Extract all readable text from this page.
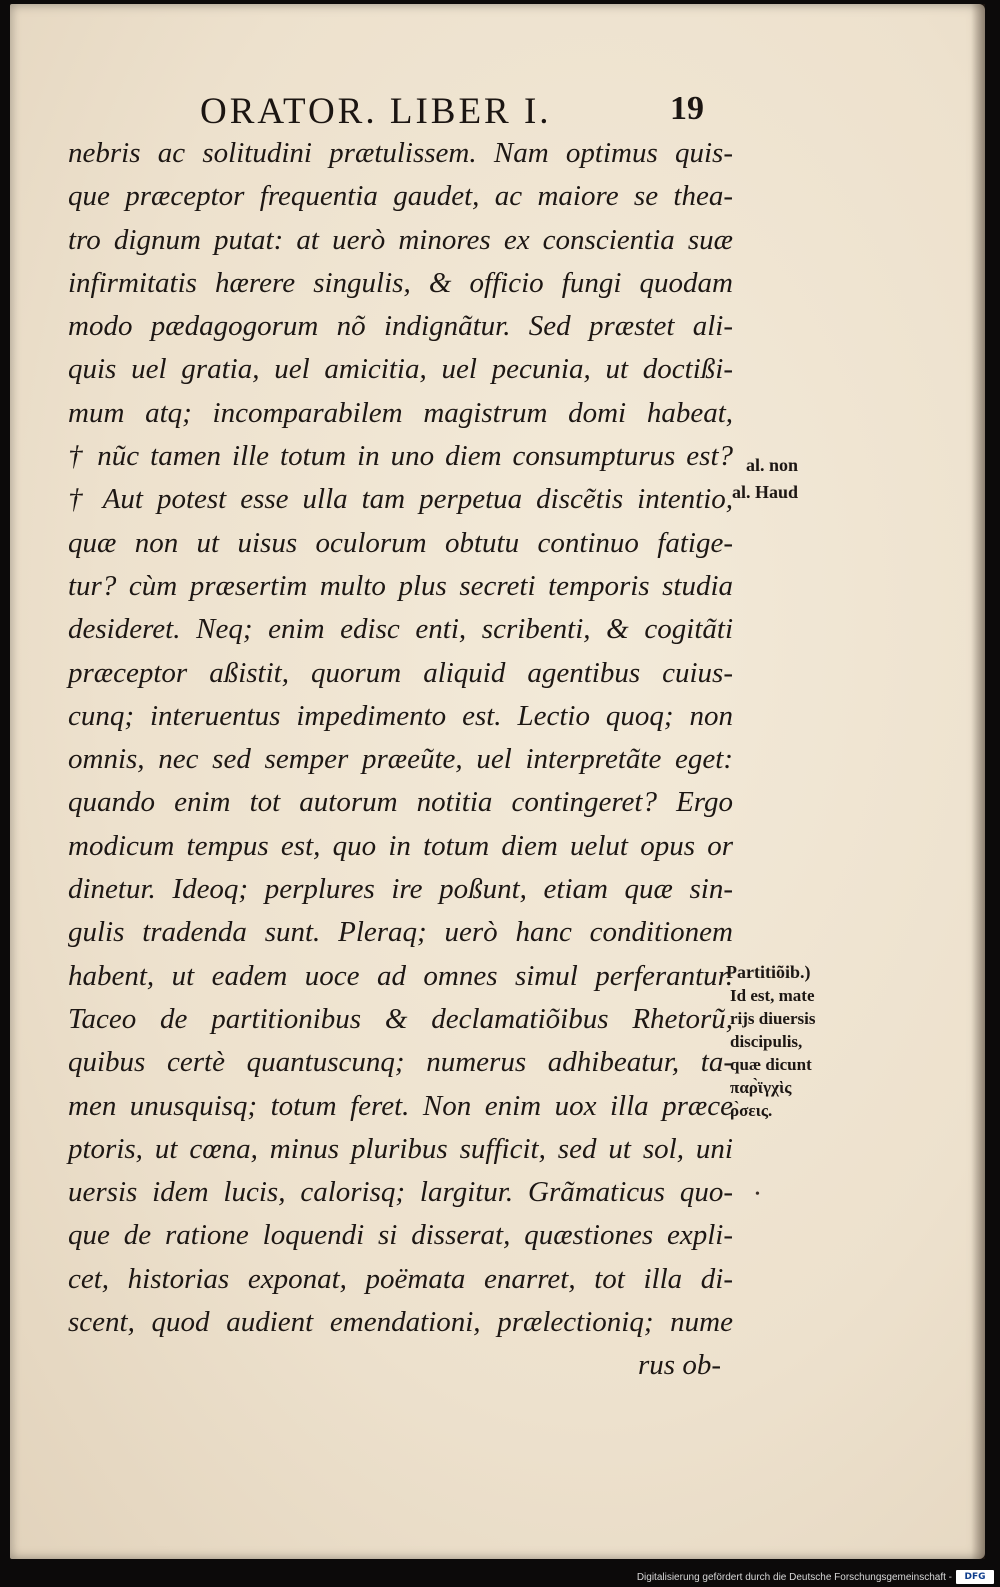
ORATOR. LIBER I.	19
nebris ac solitudini prætulissem. Nam optimus quis-
que præceptor frequentia gaudet, ac maiore se thea-
tro dignum putat: at uerò minores ex conscientia suæ
infirmitatis hærere singulis, & officio fungi quodam
modo pædagogorum nõ indignãtur. Sed præstet ali-
quis uel gratia, uel amicitia, uel pecunia, ut doctißi-
mum atq; incomparabilem magistrum domi habeat,
† nũc tamen ille totum in uno diem consumpturus est?
† Aut potest esse ulla tam perpetua discẽtis intentio,
quæ non ut uisus oculorum obtutu continuo fatige-
tur? cùm præsertim multo plus secreti temporis studia
desideret. Neq; enim edisc enti, scribenti, & cogitãti
præceptor aßistit, quorum aliquid agentibus cuius-
cunq; interuentus impedimento est. Lectio quoq; non
omnis, nec sed semper præeũte, uel interpretãte eget:
quando enim tot autorum notitia contingeret? Ergo
modicum tempus est, quo in totum diem uelut opus or
dinetur. Ideoq; perplures ire poßunt, etiam quæ sin-
gulis tradenda sunt. Pleraq; uerò hanc conditionem
habent, ut eadem uoce ad omnes simul perferantur.
Taceo de partitionibus & declamatiõibus Rhetorũ,
quibus certè quantuscunq; numerus adhibeatur, ta-
men unusquisq; totum feret. Non enim uox illa præce
ptoris, ut cœna, minus pluribus sufficit, sed ut sol, uni
uersis idem lucis, calorisq; largitur. Grãmaticus quo-
que de ratione loquendi si disserat, quæstiones expli-
cet, historias exponat, poëmata enarret, tot illa di-
scent, quod audient emendationi, prælectioniq; nume
rus ob-
al. non
al. Haud
Partitiõib.)
Id est, mate
rijs diuersis
discipulis,
quæ dicunt
παρ̀ϊγχὶς
ρ̀σεις.
•
Digitalisierung gefördert durch die Deutsche Forschungsgemeinschaft -	DFG
